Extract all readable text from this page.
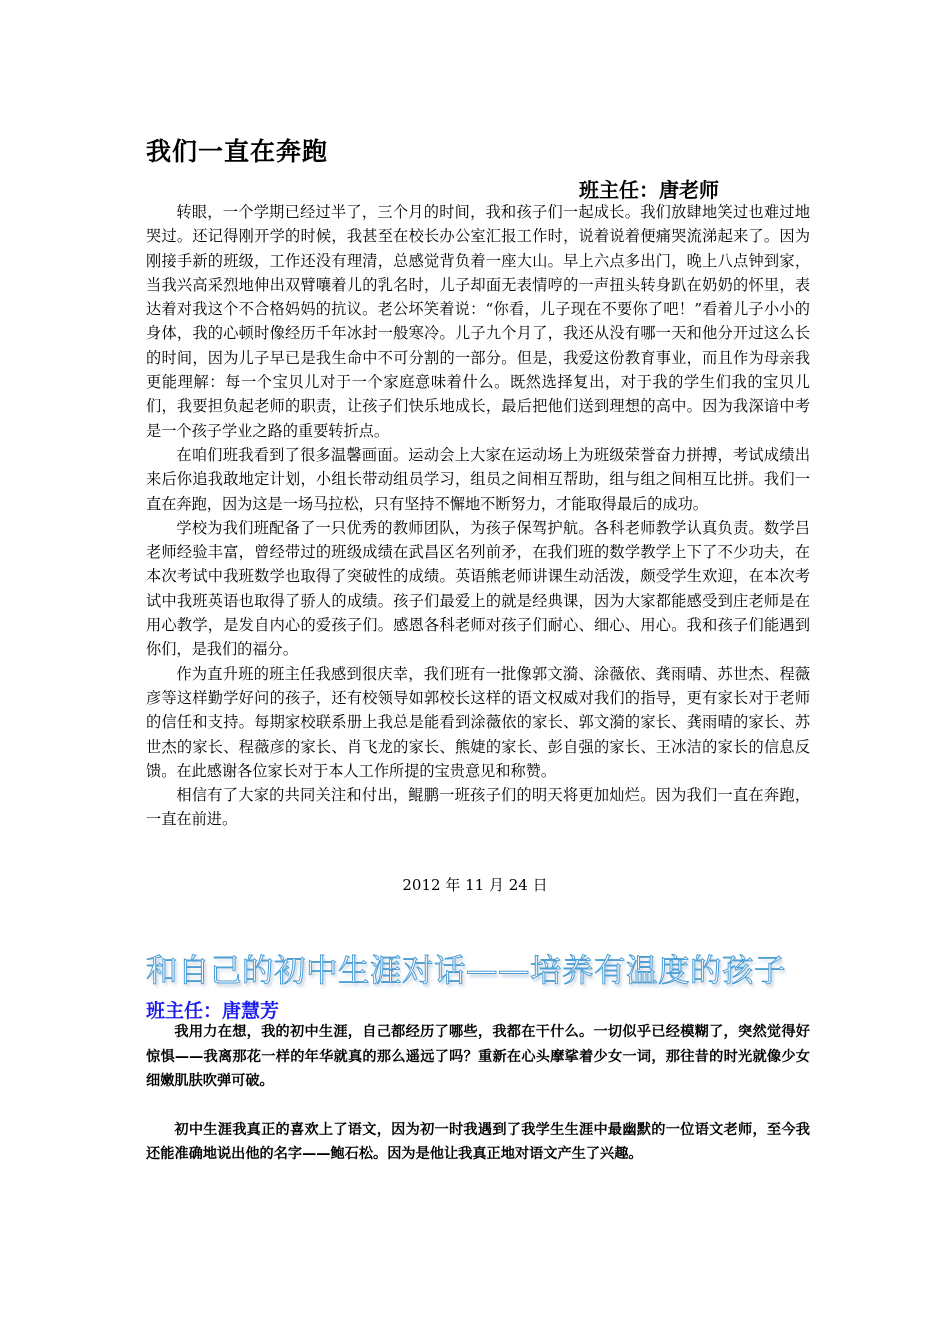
我们一直在奔跑
班主任：唐老师

转眼，一个学期已经过半了，三个月的时间，我和孩子们一起成长。我们放肆地笑过也难过地哭过。还记得刚开学的时候，我甚至在校长办公室汇报工作时，说着说着便痛哭流涕起来了。因为刚接手新的班级，工作还没有理清，总感觉背负着一座大山。早上六点多出门，晚上八点钟到家，当我兴高采烈地伸出双臂嚷着儿的乳名时，儿子却面无表情哼的一声扭头转身趴在奶奶的怀里，表达着对我这个不合格妈妈的抗议。老公坏笑着说：“你看，儿子现在不要你了吧！”看着儿子小小的身体，我的心顿时像经历千年冰封一般寒冷。儿子九个月了，我还从没有哪一天和他分开过这么长的时间，因为儿子早已是我生命中不可分割的一部分。但是，我爱这份教育事业，而且作为母亲我更能理解：每一个宝贝儿对于一个家庭意味着什么。既然选择复出，对于我的学生们我的宝贝儿们，我要担负起老师的职责，让孩子们快乐地成长，最后把他们送到理想的高中。因为我深谙中考是一个孩子学业之路的重要转折点。

在咱们班我看到了很多温馨画面。运动会上大家在运动场上为班级荣誉奋力拼搏，考试成绩出来后你追我敢地定计划，小组长带动组员学习，组员之间相互帮助，组与组之间相互比拼。我们一直在奔跑，因为这是一场马拉松，只有坚持不懈地不断努力，才能取得最后的成功。

学校为我们班配备了一只优秀的教师团队，为孩子保驾护航。各科老师教学认真负责。数学吕老师经验丰富，曾经带过的班级成绩在武昌区名列前矛，在我们班的数学教学上下了不少功夫，在本次考试中我班数学也取得了突破性的成绩。英语熊老师讲课生动活泼，颇受学生欢迎，在本次考试中我班英语也取得了骄人的成绩。孩子们最爱上的就是经典课，因为大家都能感受到庄老师是在用心教学，是发自内心的爱孩子们。感恩各科老师对孩子们耐心、细心、用心。我和孩子们能遇到你们，是我们的福分。

作为直升班的班主任我感到很庆幸，我们班有一批像郭文漪、涂薇依、龚雨晴、苏世杰、程薇彦等这样勤学好问的孩子，还有校领导如郭校长这样的语文权威对我们的指导，更有家长对于老师的信任和支持。每期家校联系册上我总是能看到涂薇依的家长、郭文漪的家长、龚雨晴的家长、苏世杰的家长、程薇彦的家长、肖飞龙的家长、熊婕的家长、彭自强的家长、王冰洁的家长的信息反馈。在此感谢各位家长对于本人工作所提的宝贵意见和称赞。

相信有了大家的共同关注和付出，鲲鹏一班孩子们的明天将更加灿烂。因为我们一直在奔跑，一直在前进。

2012 年 11 月 24 日
和自己的初中生涯对话——培养有温度的孩子
班主任：唐慧芳

我用力在想，我的初中生涯，自己都经历了哪些，我都在干什么。一切似乎已经模糊了，突然觉得好惊惧——我离那花一样的年华就真的那么遥远了吗？重新在心头摩挲着少女一词，那往昔的时光就像少女细嫩肌肤吹弹可破。

初中生涯我真正的喜欢上了语文，因为初一时我遇到了我学生生涯中最幽默的一位语文老师，至今我还能准确地说出他的名字——鲍石松。因为是他让我真正地对语文产生了兴趣。
